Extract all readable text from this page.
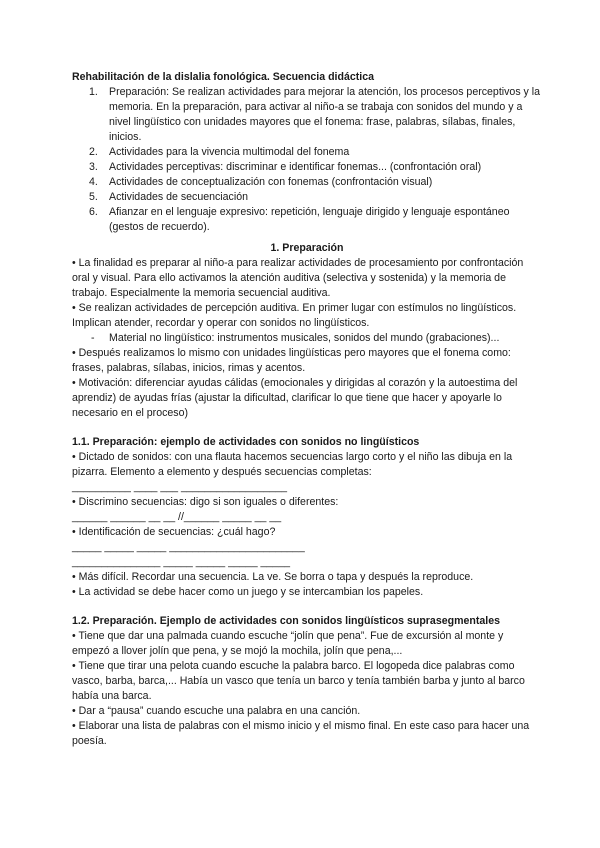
Rehabilitación de la dislalia fonológica. Secuencia didáctica

1. Preparación: Se realizan actividades para mejorar la atención, los procesos perceptivos y la memoria. En la preparación, para activar al niño-a se trabaja con sonidos del mundo y a nivel lingüístico con unidades mayores que el fonema: frase, palabras, sílabas, finales, inicios.
2. Actividades para la vivencia multimodal del fonema
3. Actividades perceptivas: discriminar e identificar fonemas... (confrontación oral)
4. Actividades de conceptualización con fonemas (confrontación visual)
5. Actividades de secuenciación
6. Afianzar en el lenguaje expresivo: repetición, lenguaje dirigido y lenguaje espontáneo (gestos de recuerdo).

1. Preparación

• La finalidad es preparar al niño-a para realizar actividades de procesamiento por confrontación oral y visual. Para ello activamos la atención auditiva (selectiva y sostenida) y la memoria de trabajo. Especialmente la memoria secuencial auditiva.

• Se realizan actividades de percepción auditiva. En primer lugar con estímulos no lingüísticos. Implican atender, recordar y operar con sonidos no lingüísticos.

- Material no lingüístico: instrumentos musicales, sonidos del mundo (grabaciones)...

• Después realizamos lo mismo con unidades lingüísticas pero mayores que el fonema como: frases, palabras, sílabas, inicios, rimas y acentos.

• Motivación: diferenciar ayudas cálidas (emocionales y dirigidas al corazón y la autoestima del aprendiz) de ayudas frías (ajustar la dificultad, clarificar lo que tiene que hacer y apoyarle lo necesario en el proceso)

1.1. Preparación: ejemplo de actividades con sonidos no lingüísticos

• Dictado de sonidos: con una flauta hacemos secuencias largo corto y el niño las dibuja en la pizarra. Elemento a elemento y después secuencias completas:

__________ ____ ___ __________________

• Discrimino secuencias: digo si son iguales o diferentes:

______ ______ __ __ //______ _____ __ __

• Identificación de secuencias: ¿cuál hago?

_____ _____ _____ _______________________

_______________ _____ _____ _____ _____

• Más difícil. Recordar una secuencia. La ve. Se borra o tapa y después la reproduce.

• La actividad se debe hacer como un juego y se intercambian los papeles.

1.2. Preparación. Ejemplo de actividades con sonidos lingüísticos suprasegmentales

• Tiene que dar una palmada cuando escuche “jolín que pena”. Fue de excursión al monte y empezó a llover jolín que pena, y se mojó la mochila, jolín que pena,...

• Tiene que tirar una pelota cuando escuche la palabra barco. El logopeda dice palabras como vasco, barba, barca,... Había un vasco que tenía un barco y tenía también barba y junto al barco había una barca.

• Dar a “pausa” cuando escuche una palabra en una canción.

• Elaborar una lista de palabras con el mismo inicio y el mismo final. En este caso para hacer una poesía.
